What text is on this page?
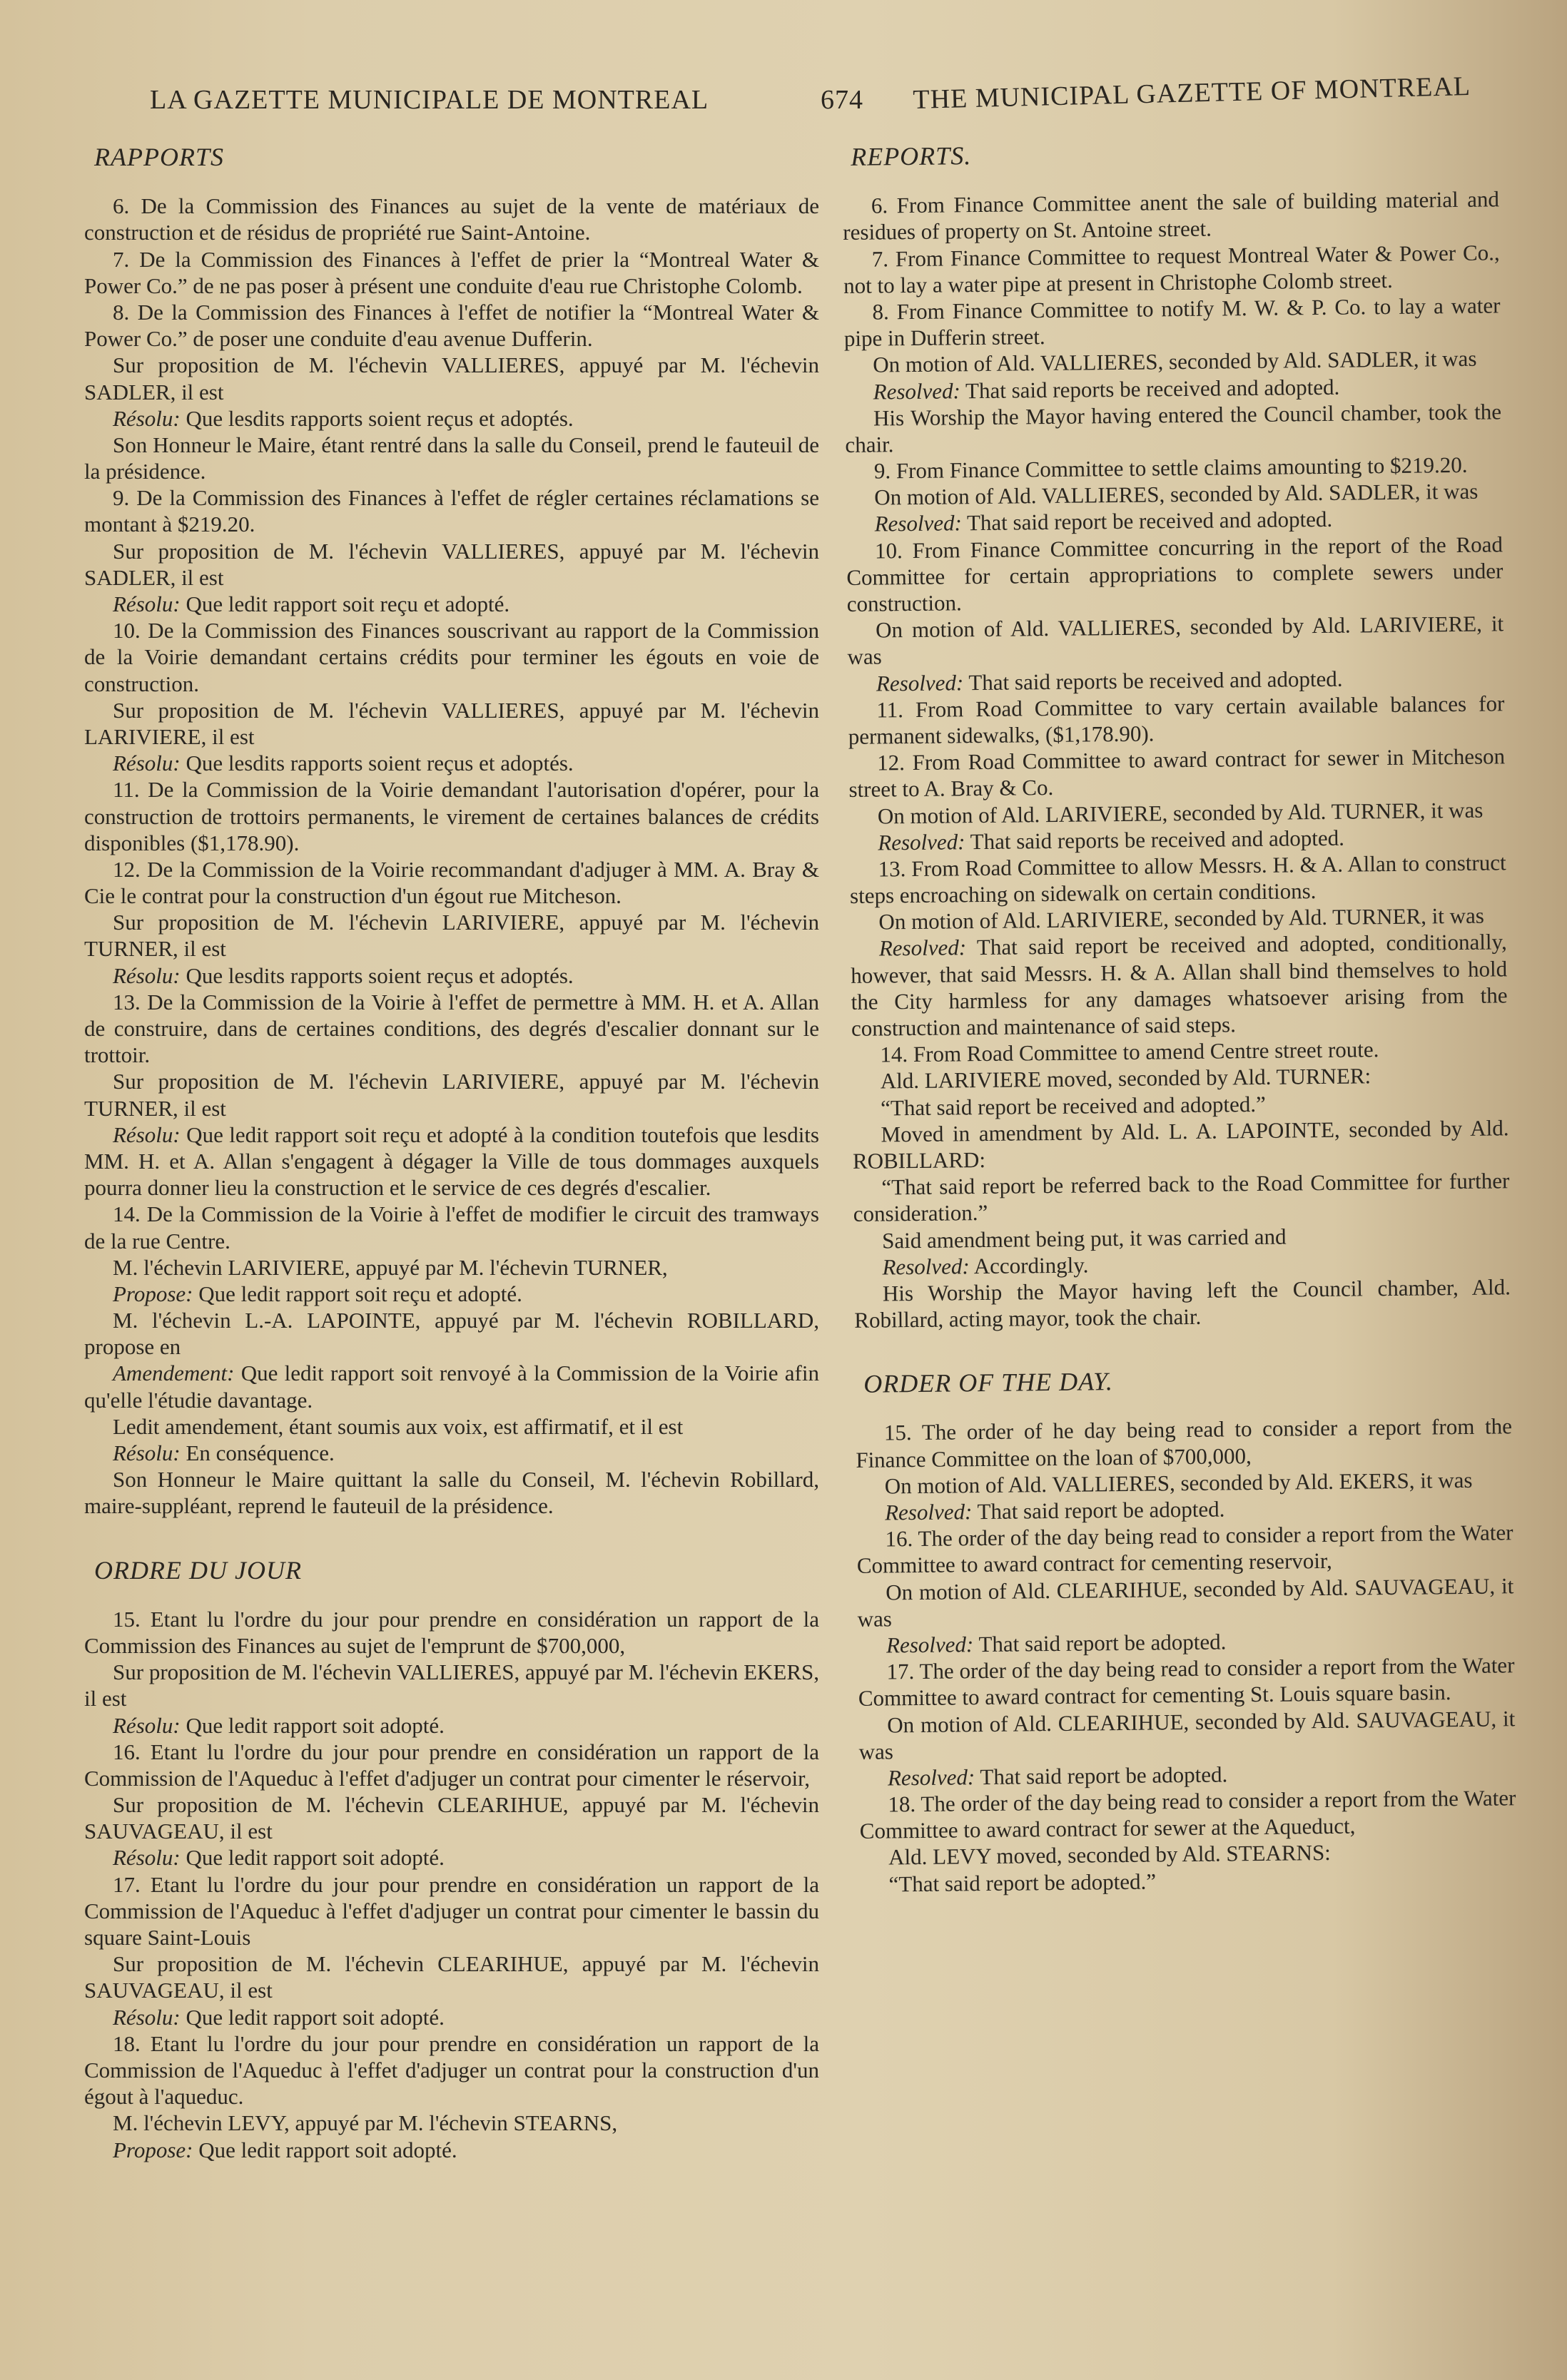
LA GAZETTE MUNICIPALE DE MONTREAL	674 THE MUNICIPAL GAZETTE OF MONTREAL
RAPPORTS
6. De la Commission des Finances au sujet de la vente de matériaux de construction et de résidus de propriété rue Saint-Antoine.
7. De la Commission des Finances à l'effet de prier la “Montreal Water & Power Co.” de ne pas poser à présent une conduite d'eau rue Christophe Colomb.
8. De la Commission des Finances à l'effet de notifier la “Montreal Water & Power Co.” de poser une conduite d'eau avenue Dufferin.
Sur proposition de M. l'échevin VALLIERES, appuyé par M. l'échevin SADLER, il est
Résolu: Que lesdits rapports soient reçus et adoptés.
Son Honneur le Maire, étant rentré dans la salle du Conseil, prend le fauteuil de la présidence.
9. De la Commission des Finances à l'effet de régler certaines réclamations se montant à $219.20.
Sur proposition de M. l'échevin VALLIERES, appuyé par M. l'échevin SADLER, il est
Résolu: Que ledit rapport soit reçu et adopté.
10. De la Commission des Finances souscrivant au rapport de la Commission de la Voirie demandant certains crédits pour terminer les égouts en voie de construction.
Sur proposition de M. l'échevin VALLIERES, appuyé par M. l'échevin LARIVIERE, il est
Résolu: Que lesdits rapports soient reçus et adoptés.
11. De la Commission de la Voirie demandant l'autorisation d'opérer, pour la construction de trottoirs permanents, le virement de certaines balances de crédits disponibles ($1,178.90).
12. De la Commission de la Voirie recommandant d'adjuger à MM. A. Bray & Cie le contrat pour la construction d'un égout rue Mitcheson.
Sur proposition de M. l'échevin LARIVIERE, appuyé par M. l'échevin TURNER, il est
Résolu: Que lesdits rapports soient reçus et adoptés.
13. De la Commission de la Voirie à l'effet de permettre à MM. H. et A. Allan de construire, dans de certaines conditions, des degrés d'escalier donnant sur le trottoir.
Sur proposition de M. l'échevin LARIVIERE, appuyé par M. l'échevin TURNER, il est
Résolu: Que ledit rapport soit reçu et adopté à la condition toutefois que lesdits MM. H. et A. Allan s'engagent à dégager la Ville de tous dommages auxquels pourra donner lieu la construction et le service de ces degrés d'escalier.
14. De la Commission de la Voirie à l'effet de modifier le circuit des tramways de la rue Centre.
M. l'échevin LARIVIERE, appuyé par M. l'échevin TURNER,
Propose: Que ledit rapport soit reçu et adopté.
M. l'échevin L.-A. LAPOINTE, appuyé par M. l'échevin ROBILLARD, propose en
Amendement: Que ledit rapport soit renvoyé à la Commission de la Voirie afin qu'elle l'étudie davantage.
Ledit amendement, étant soumis aux voix, est affirmatif, et il est
Résolu: En conséquence.
Son Honneur le Maire quittant la salle du Conseil, M. l'échevin Robillard, maire-suppléant, reprend le fauteuil de la présidence.
ORDRE DU JOUR
15. Etant lu l'ordre du jour pour prendre en considération un rapport de la Commission des Finances au sujet de l'emprunt de $700,000,
Sur proposition de M. l'échevin VALLIERES, appuyé par M. l'échevin EKERS, il est
Résolu: Que ledit rapport soit adopté.
16. Etant lu l'ordre du jour pour prendre en considération un rapport de la Commission de l'Aqueduc à l'effet d'adjuger un contrat pour cimenter le réservoir,
Sur proposition de M. l'échevin CLEARIHUE, appuyé par M. l'échevin SAUVAGEAU, il est
Résolu: Que ledit rapport soit adopté.
17. Etant lu l'ordre du jour pour prendre en considération un rapport de la Commission de l'Aqueduc à l'effet d'adjuger un contrat pour cimenter le bassin du square Saint-Louis
Sur proposition de M. l'échevin CLEARIHUE, appuyé par M. l'échevin SAUVAGEAU, il est
Résolu: Que ledit rapport soit adopté.
18. Etant lu l'ordre du jour pour prendre en considération un rapport de la Commission de l'Aqueduc à l'effet d'adjuger un contrat pour la construction d'un égout à l'aqueduc.
M. l'échevin LEVY, appuyé par M. l'échevin STEARNS,
Propose: Que ledit rapport soit adopté.
REPORTS.
6. From Finance Committee anent the sale of building material and residues of property on St. Antoine street.
7. From Finance Committee to request Montreal Water & Power Co., not to lay a water pipe at present in Christophe Colomb street.
8. From Finance Committee to notify M. W. & P. Co. to lay a water pipe in Dufferin street.
On motion of Ald. VALLIERES, seconded by Ald. SADLER, it was
Resolved: That said reports be received and adopted.
His Worship the Mayor having entered the Council chamber, took the chair.
9. From Finance Committee to settle claims amounting to $219.20.
On motion of Ald. VALLIERES, seconded by Ald. SADLER, it was
Resolved: That said report be received and adopted.
10. From Finance Committee concurring in the report of the Road Committee for certain appropriations to complete sewers under construction.
On motion of Ald. VALLIERES, seconded by Ald. LARIVIERE, it was
Resolved: That said reports be received and adopted.
11. From Road Committee to vary certain available balances for permanent sidewalks, ($1,178.90).
12. From Road Committee to award contract for sewer in Mitcheson street to A. Bray & Co.
On motion of Ald. LARIVIERE, seconded by Ald. TURNER, it was
Resolved: That said reports be received and adopted.
13. From Road Committee to allow Messrs. H. & A. Allan to construct steps encroaching on sidewalk on certain conditions.
On motion of Ald. LARIVIERE, seconded by Ald. TURNER, it was
Resolved: That said report be received and adopted, conditionally, however, that said Messrs. H. & A. Allan shall bind themselves to hold the City harmless for any damages whatsoever arising from the construction and maintenance of said steps.
14. From Road Committee to amend Centre street route.
Ald. LARIVIERE moved, seconded by Ald. TURNER:
“That said report be received and adopted.”
Moved in amendment by Ald. L. A. LAPOINTE, seconded by Ald. ROBILLARD:
“That said report be referred back to the Road Committee for further consideration.”
Said amendment being put, it was carried and
Resolved: Accordingly.
His Worship the Mayor having left the Council chamber, Ald. Robillard, acting mayor, took the chair.
ORDER OF THE DAY.
15. The order of he day being read to consider a report from the Finance Committee on the loan of $700,000,
On motion of Ald. VALLIERES, seconded by Ald. EKERS, it was
Resolved: That said report be adopted.
16. The order of the day being read to consider a report from the Water Committee to award contract for cementing reservoir,
On motion of Ald. CLEARIHUE, seconded by Ald. SAUVAGEAU, it was
Resolved: That said report be adopted.
17. The order of the day being read to consider a report from the Water Committee to award contract for cementing St. Louis square basin.
On motion of Ald. CLEARIHUE, seconded by Ald. SAUVAGEAU, it was
Resolved: That said report be adopted.
18. The order of the day being read to consider a report from the Water Committee to award contract for sewer at the Aqueduct,
Ald. LEVY moved, seconded by Ald. STEARNS:
“That said report be adopted.”
